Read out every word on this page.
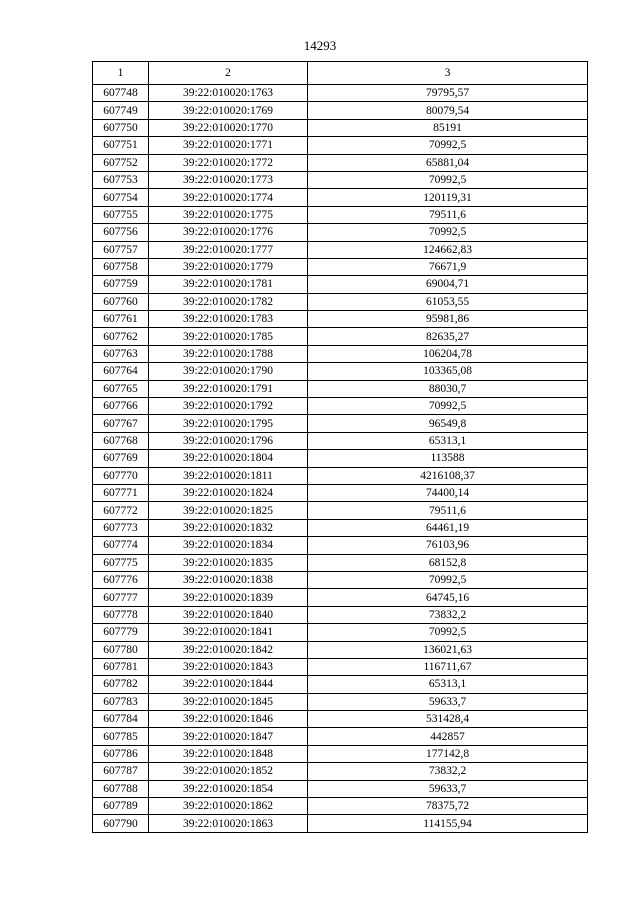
14293
1	2	3
607748	39:22:010020:1763	79795,57
607749	39:22:010020:1769	80079,54
607750	39:22:010020:1770	85191
607751	39:22:010020:1771	70992,5
607752	39:22:010020:1772	65881,04
607753	39:22:010020:1773	70992,5
607754	39:22:010020:1774	120119,31
607755	39:22:010020:1775	79511,6
607756	39:22:010020:1776	70992,5
607757	39:22:010020:1777	124662,83
607758	39:22:010020:1779	76671,9
607759	39:22:010020:1781	69004,71
607760	39:22:010020:1782	61053,55
607761	39:22:010020:1783	95981,86
607762	39:22:010020:1785	82635,27
607763	39:22:010020:1788	106204,78
607764	39:22:010020:1790	103365,08
607765	39:22:010020:1791	88030,7
607766	39:22:010020:1792	70992,5
607767	39:22:010020:1795	96549,8
607768	39:22:010020:1796	65313,1
607769	39:22:010020:1804	113588
607770	39:22:010020:1811	4216108,37
607771	39:22:010020:1824	74400,14
607772	39:22:010020:1825	79511,6
607773	39:22:010020:1832	64461,19
607774	39:22:010020:1834	76103,96
607775	39:22:010020:1835	68152,8
607776	39:22:010020:1838	70992,5
607777	39:22:010020:1839	64745,16
607778	39:22:010020:1840	73832,2
607779	39:22:010020:1841	70992,5
607780	39:22:010020:1842	136021,63
607781	39:22:010020:1843	116711,67
607782	39:22:010020:1844	65313,1
607783	39:22:010020:1845	59633,7
607784	39:22:010020:1846	531428,4
607785	39:22:010020:1847	442857
607786	39:22:010020:1848	177142,8
607787	39:22:010020:1852	73832,2
607788	39:22:010020:1854	59633,7
607789	39:22:010020:1862	78375,72
607790	39:22:010020:1863	114155,94
